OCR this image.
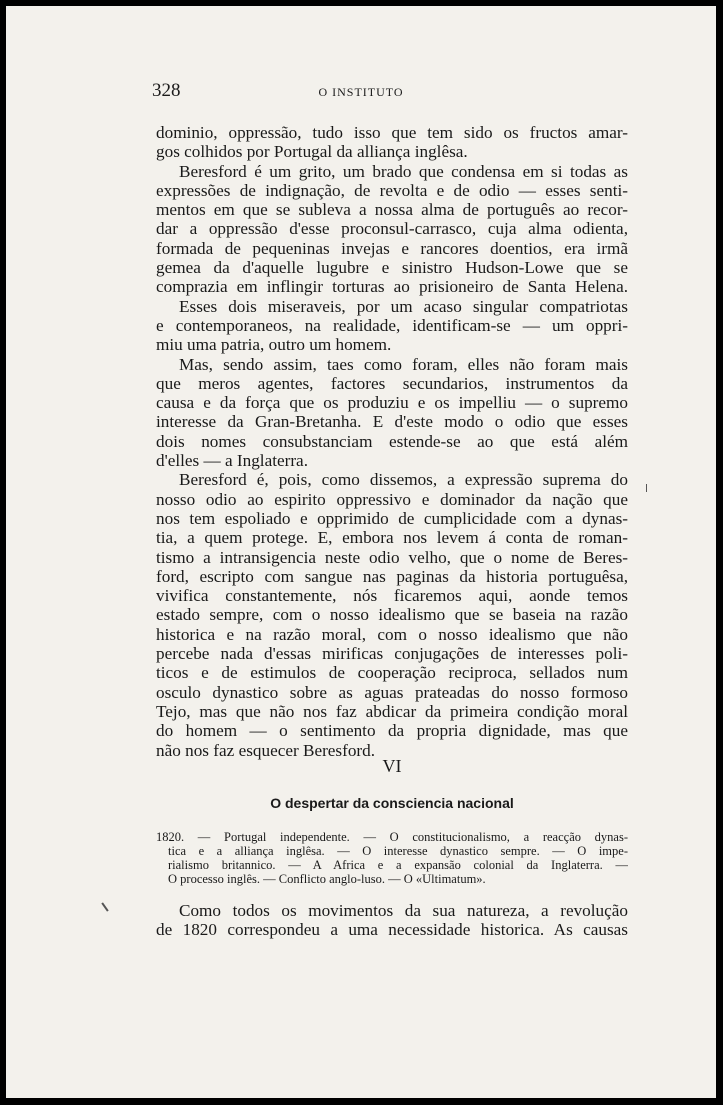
328	O INSTITUTO
dominio, oppressão, tudo isso que tem sido os fructos amar-
gos colhidos por Portugal da alliança inglêsa.
Beresford é um grito, um brado que condensa em si todas as
expressões de indignação, de revolta e de odio — esses senti-
mentos em que se subleva a nossa alma de português ao recor-
dar a oppressão d'esse proconsul-carrasco, cuja alma odienta,
formada de pequeninas invejas e rancores doentios, era irmã
gemea da d'aquelle lugubre e sinistro Hudson-Lowe que se
comprazia em inflingir torturas ao prisioneiro de Santa Helena.
Esses dois miseraveis, por um acaso singular compatriotas
e contemporaneos, na realidade, identificam-se — um oppri-
miu uma patria, outro um homem.
Mas, sendo assim, taes como foram, elles não foram mais
que meros agentes, factores secundarios, instrumentos da
causa e da força que os produziu e os impelliu — o supremo
interesse da Gran-Bretanha. E d'este modo o odio que esses
dois nomes consubstanciam estende-se ao que está além
d'elles — a Inglaterra.
Beresford é, pois, como dissemos, a expressão suprema do
nosso odio ao espirito oppressivo e dominador da nação que
nos tem espoliado e opprimido de cumplicidade com a dynas-
tia, a quem protege. E, embora nos levem á conta de roman-
tismo a intransigencia neste odio velho, que o nome de Beres-
ford, escripto com sangue nas paginas da historia portuguêsa,
vivifica constantemente, nós ficaremos aqui, aonde temos
estado sempre, com o nosso idealismo que se baseia na razão
historica e na razão moral, com o nosso idealismo que não
percebe nada d'essas mirificas conjugações de interesses poli-
ticos e de estimulos de cooperação reciproca, sellados num
osculo dynastico sobre as aguas prateadas do nosso formoso
Tejo, mas que não nos faz abdicar da primeira condição moral
do homem — o sentimento da propria dignidade, mas que
não nos faz esquecer Beresford.
VI
O despertar da consciencia nacional
1820. — Portugal independente. — O constitucionalismo, a reacção dynas-
tica e a alliança inglêsa. — O interesse dynastico sempre. — O impe-
rialismo britannico. — A Africa e a expansão colonial da Inglaterra. —
O processo inglês. — Conflicto anglo-luso. — O «Ultimatum».
Como todos os movimentos da sua natureza, a revolução
de 1820 correspondeu a uma necessidade historica. As causas
